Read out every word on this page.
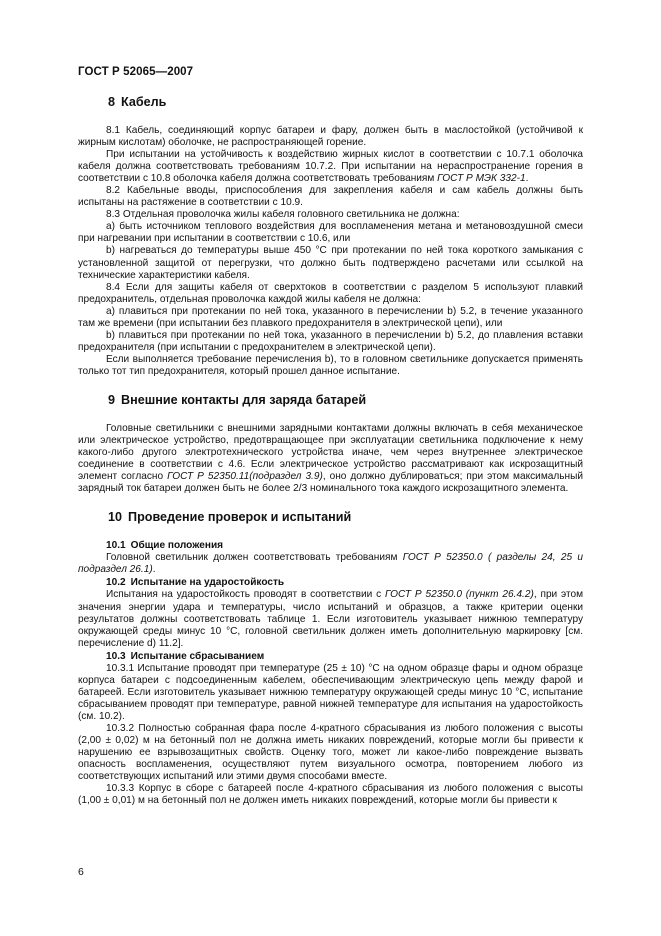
ГОСТ Р 52065—2007
8 Кабель

8.1 Кабель, соединяющий корпус батареи и фару, должен быть в маслостойкой (устойчивой к жирным кислотам) оболочке, не распространяющей горение.

При испытании на устойчивость к воздействию жирных кислот в соответствии с 10.7.1 оболочка кабеля должна соответствовать требованиям 10.7.2. При испытании на нераспространение горения в соответствии с 10.8 оболочка кабеля должна соответствовать требованиям ГОСТ Р МЭК 332-1.

8.2 Кабельные вводы, приспособления для закрепления кабеля и сам кабель должны быть испытаны на растяжение в соответствии с 10.9.

8.3 Отдельная проволочка жилы кабеля головного светильника не должна:

a) быть источником теплового воздействия для воспламенения метана и метановоздушной смеси при нагревании при испытании в соответствии с 10.6, или

b) нагреваться до температуры выше 450 °C при протекании по ней тока короткого замыкания с установленной защитой от перегрузки, что должно быть подтверждено расчетами или ссылкой на технические характеристики кабеля.

8.4 Если для защиты кабеля от сверхтоков в соответствии с разделом 5 используют плавкий предохранитель, отдельная проволочка каждой жилы кабеля не должна:

a) плавиться при протекании по ней тока, указанного в перечислении b) 5.2, в течение указанного там же времени (при испытании без плавкого предохранителя в электрической цепи), или

b) плавиться при протекании по ней тока, указанного в перечислении b) 5.2, до плавления вставки предохранителя (при испытании с предохранителем в электрической цепи).

Если выполняется требование перечисления b), то в головном светильнике допускается применять только тот тип предохранителя, который прошел данное испытание.

9 Внешние контакты для заряда батарей

Головные светильники с внешними зарядными контактами должны включать в себя механическое или электрическое устройство, предотвращающее при эксплуатации светильника подключение к нему какого-либо другого электротехнического устройства иначе, чем через внутреннее электрическое соединение в соответствии с 4.6. Если электрическое устройство рассматривают как искрозащитный элемент согласно ГОСТ Р 52350.11(подраздел 3.9), оно должно дублироваться; при этом максимальный зарядный ток батареи должен быть не более 2/3 номинального тока каждого искрозащитного элемента.

10 Проведение проверок и испытаний
10.1 Общие положения

Головной светильник должен соответствовать требованиям ГОСТ Р 52350.0 ( разделы 24, 25 и подраздел 26.1).

10.2 Испытание на ударостойкость

Испытания на ударостойкость проводят в соответствии с ГОСТ Р 52350.0 (пункт 26.4.2), при этом значения энергии удара и температуры, число испытаний и образцов, а также критерии оценки результатов должны соответствовать таблице 1. Если изготовитель указывает нижнюю температуру окружающей среды минус 10 °C, головной светильник должен иметь дополнительную маркировку [см. перечисление d) 11.2].

10.3 Испытание сбрасыванием

10.3.1 Испытание проводят при температуре (25 ± 10) °C на одном образце фары и одном образце корпуса батареи с подсоединенным кабелем, обеспечивающим электрическую цепь между фарой и батареей. Если изготовитель указывает нижнюю температуру окружающей среды минус 10 °C, испытание сбрасыванием проводят при температуре, равной нижней температуре для испытания на ударостойкость (см. 10.2).

10.3.2 Полностью собранная фара после 4-кратного сбрасывания из любого положения с высоты (2,00 ± 0,02) м на бетонный пол не должна иметь никаких повреждений, которые могли бы привести к нарушению ее взрывозащитных свойств. Оценку того, может ли какое-либо повреждение вызвать опасность воспламенения, осуществляют путем визуального осмотра, повторением любого из соответствующих испытаний или этими двумя способами вместе.

10.3.3 Корпус в сборе с батареей после 4-кратного сбрасывания из любого положения с высоты (1,00 ± 0,01) м на бетонный пол не должен иметь никаких повреждений, которые могли бы привести к

6
